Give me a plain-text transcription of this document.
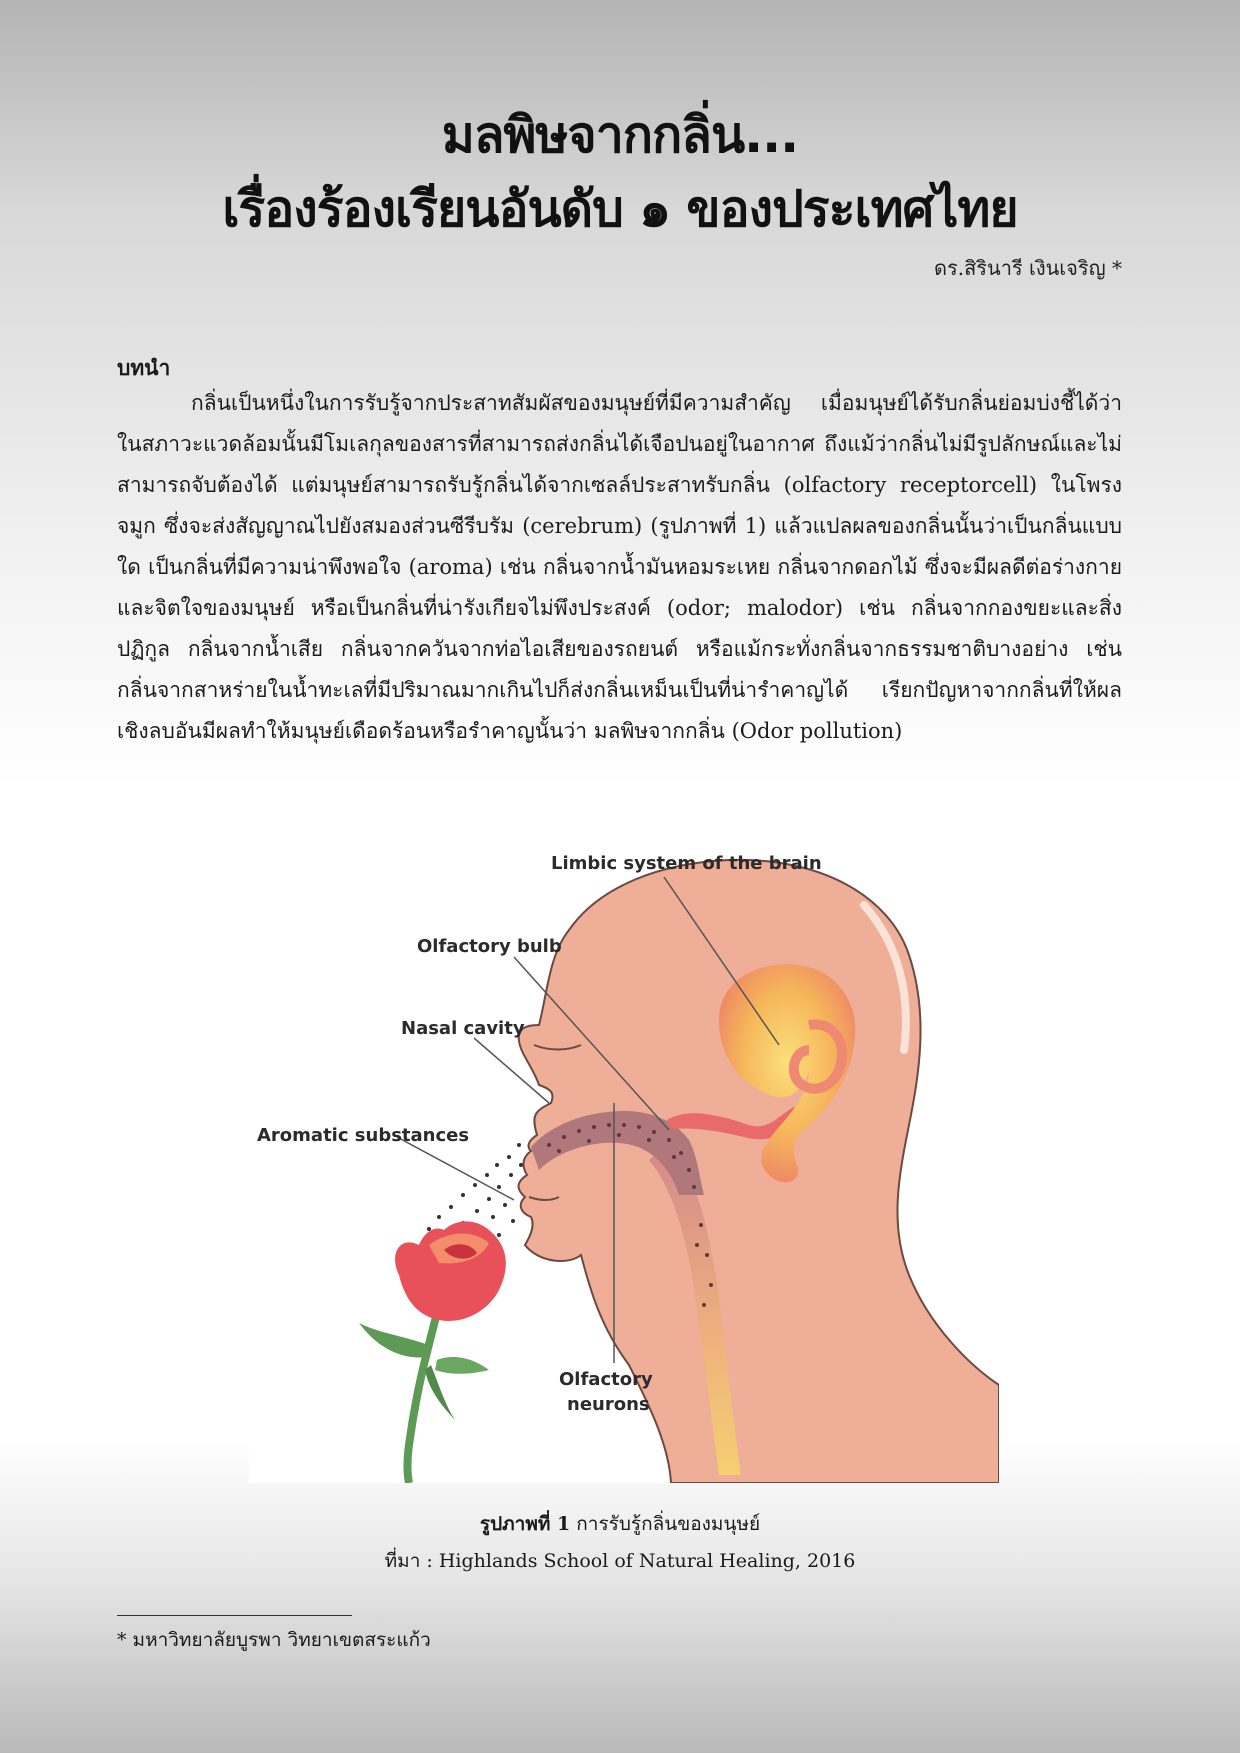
มลพิษจากกลิ่น...
เรื่องร้องเรียนอันดับ ๑ ของประเทศไทย
ดร.สิรินารี เงินเจริญ *
บทนำ

กลิ่นเป็นหนึ่งในการรับรู้จากประสาทสัมผัสของมนุษย์ที่มีความสำคัญ เมื่อมนุษย์ได้รับกลิ่นย่อมบ่งชี้ได้ว่าในสภาวะแวดล้อมนั้นมีโมเลกุลของสารที่สามารถส่งกลิ่นได้เจือปนอยู่ในอากาศ ถึงแม้ว่ากลิ่นไม่มีรูปลักษณ์และไม่สามารถจับต้องได้ แต่มนุษย์สามารถรับรู้กลิ่นได้จากเซลล์ประสาทรับกลิ่น (olfactory receptorcell) ในโพรงจมูก ซึ่งจะส่งสัญญาณไปยังสมองส่วนซีรีบรัม (cerebrum) (รูปภาพที่ 1) แล้วแปลผลของกลิ่นนั้นว่าเป็นกลิ่นแบบใด เป็นกลิ่นที่มีความน่าพึงพอใจ (aroma) เช่น กลิ่นจากน้ำมันหอมระเหย กลิ่นจากดอกไม้ ซึ่งจะมีผลดีต่อร่างกายและจิตใจของมนุษย์ หรือเป็นกลิ่นที่น่ารังเกียจไม่พึงประสงค์ (odor; malodor) เช่น กลิ่นจากกองขยะและสิ่งปฏิกูล กลิ่นจากน้ำเสีย กลิ่นจากควันจากท่อไอเสียของรถยนต์ หรือแม้กระทั่งกลิ่นจากธรรมชาติบางอย่าง เช่น กลิ่นจากสาหร่ายในน้ำทะเลที่มีปริมาณมากเกินไปก็ส่งกลิ่นเหม็นเป็นที่น่ารำคาญได้ เรียกปัญหาจากกลิ่นที่ให้ผลเชิงลบอันมีผลทำให้มนุษย์เดือดร้อนหรือรำคาญนั้นว่า มลพิษจากกลิ่น (Odor pollution)

Limbic system of the brain
Olfactory bulb
Nasal cavity
Aromatic substances
Olfactory
neurons
รูปภาพที่ 1 การรับรู้กลิ่นของมนุษย์
ที่มา : Highlands School of Natural Healing, 2016
* มหาวิทยาลัยบูรพา วิทยาเขตสระแก้ว
